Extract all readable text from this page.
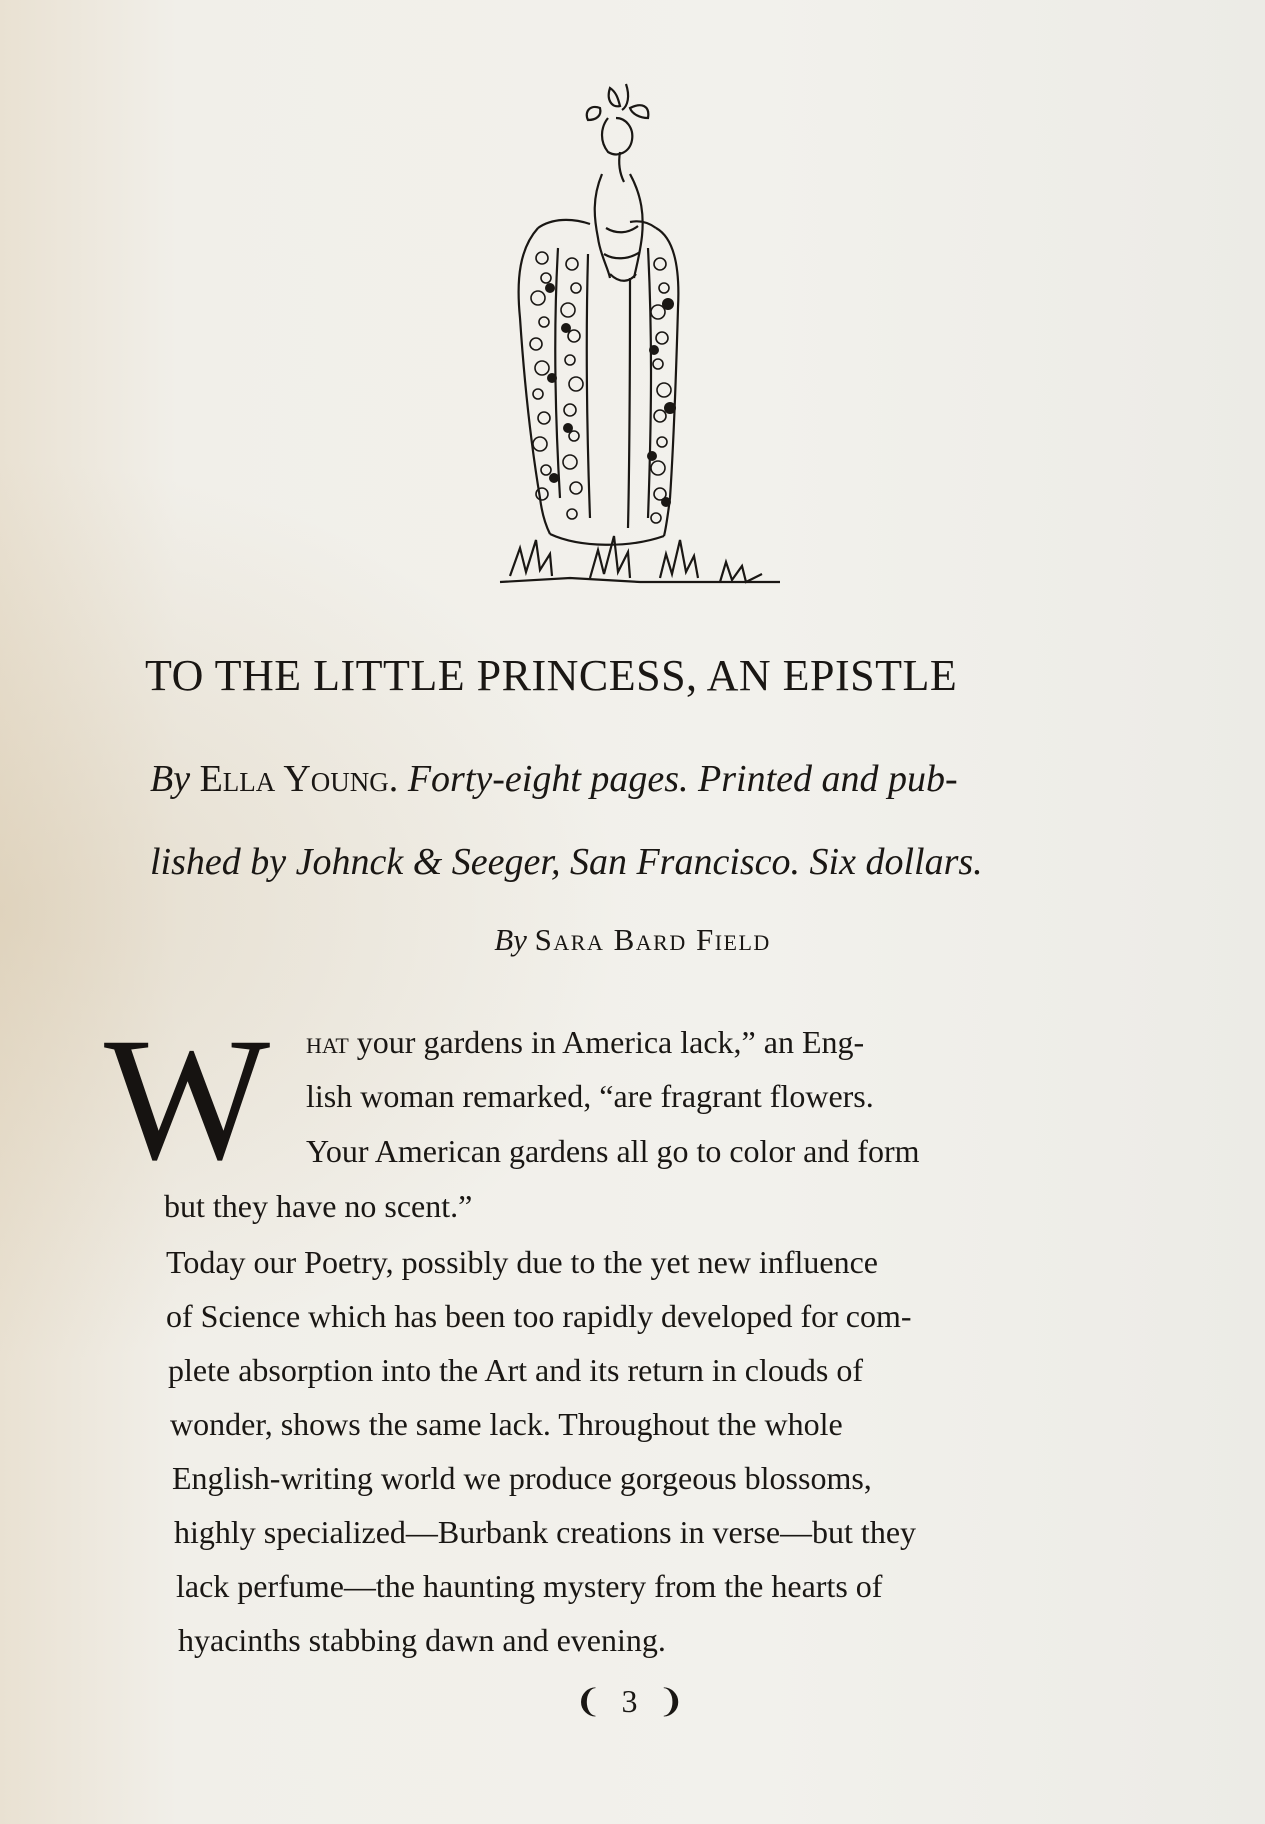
TO THE LITTLE PRINCESS, AN EPISTLE
By Ella Young. Forty-eight pages. Printed and pub-
lished by Johnck & Seeger, San Francisco. Six dollars.

By Sara Bard Field

W hat your gardens in America lack,” an Eng-
lish woman remarked, “are fragrant flowers.
Your American gardens all go to color and form
but they have no scent.”
Today our Poetry, possibly due to the yet new influence
of Science which has been too rapidly developed for com-
plete absorption into the Art and its return in clouds of
wonder, shows the same lack. Throughout the whole
English-writing world we produce gorgeous blossoms,
highly specialized—Burbank creations in verse—but they
lack perfume—the haunting mystery from the hearts of
hyacinths stabbing dawn and evening.
❨ 3 ❩
